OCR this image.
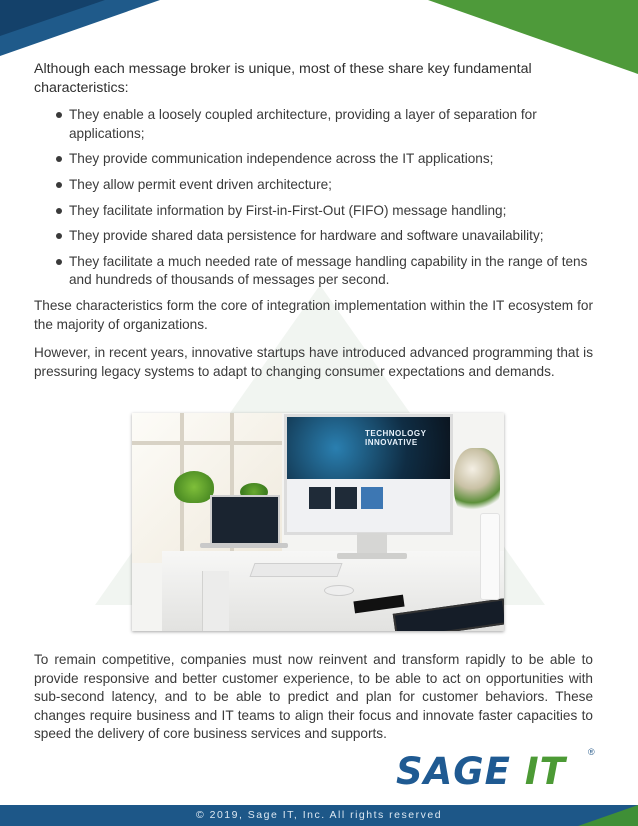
Although each message broker is unique, most of these share key fundamental characteristics:

They enable a loosely coupled architecture, providing a layer of separation for applications;
They provide communication independence across the IT applications;
They allow permit event driven architecture;
They facilitate information by First-in-First-Out (FIFO) message handling;
They provide shared data persistence for hardware and software unavailability;
They facilitate a much needed rate of message handling capability in the range of tens and hundreds of thousands of messages per second.

These characteristics form the core of integration implementation within the IT ecosystem for the majority of organizations.

However, in recent years, innovative startups have introduced advanced programming that is pressuring legacy systems to adapt to changing consumer expectations and demands.

TECHNOLOGY
INNOVATIVE

To remain competitive, companies must now reinvent and transform rapidly to be able to provide responsive and better customer experience, to be able to act on opportunities with sub-second latency, and to be able to predict and plan for customer behaviors. These changes require business and IT teams to align their focus and innovate faster capacities to speed the delivery of core business services and supports.

SAGE IT ®
© 2019, Sage IT, Inc. All rights reserved
